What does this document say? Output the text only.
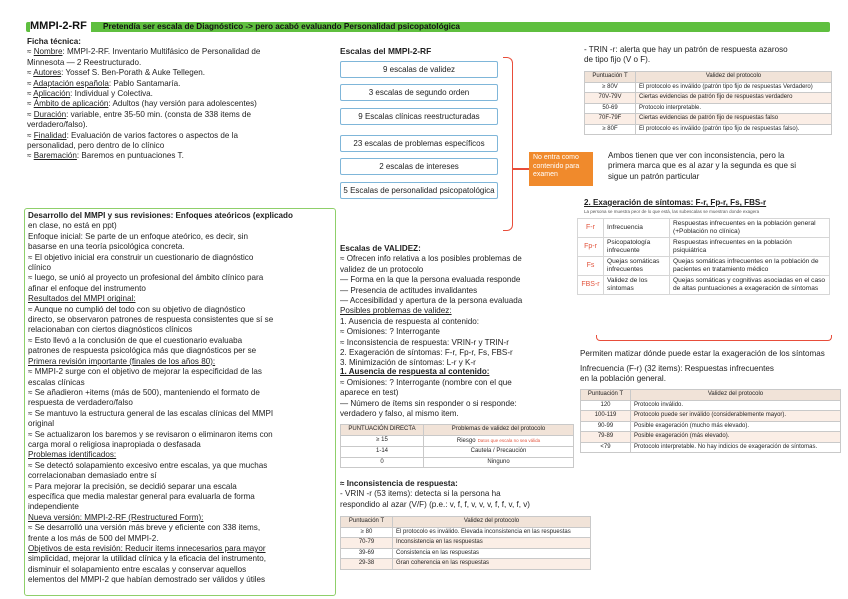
MMPI-2-RF	Pretendía ser escala de Diagnóstico -> pero acabó evaluando Personalidad psicopatológica
Ficha técnica:
≈ Nombre: MMPI-2-RF. Inventario Multifásico de Personalidad de
Minnesota — 2 Reestructurado.
≈ Autores: Yossef S. Ben-Porath & Auke Tellegen.
≈ Adaptación española: Pablo Santamaría.
≈ Aplicación: Individual y Colectiva.
≈ Ámbito de aplicación: Adultos (hay versión para adolescentes)
≈ Duración: variable, entre 35-50 min. (consta de 338 items de
verdadero/falso).
≈ Finalidad: Evaluación de varios factores o aspectos de la
personalidad, pero dentro de lo clínico
≈ Baremación: Baremos en puntuaciones T.
Desarrollo del MMPI y sus revisiones: Enfoques ateóricos (explicado
en clase, no está en ppt)
Enfoque inicial: Se parte de un enfoque ateórico, es decir, sin
basarse en una teoría psicológica concreta.
≈ El objetivo inicial era construir un cuestionario de diagnóstico
clínico
≈ luego, se unió al proyecto un profesional del ámbito clínico para
afinar el enfoque del instrumento
Resultados del MMPI original:
≈ Aunque no cumplió del todo con su objetivo de diagnóstico
directo, se observaron patrones de respuesta consistentes que sí se
relacionaban con ciertos diagnósticos clínicos
≈ Esto llevó a la conclusión de que el cuestionario evaluaba
patrones de respuesta psicológica más que diagnósticos per se
Primera revisión importante (finales de los años 80):
≈ MMPI-2 surge con el objetivo de mejorar la especificidad de las
escalas clínicas
≈ Se añadieron +items (más de 500), manteniendo el formato de
respuesta de verdadero/falso
≈ Se mantuvo la estructura general de las escalas clínicas del MMPI
original
≈ Se actualizaron los baremos y se revisaron o eliminaron items con
carga moral o religiosa inapropiada o desfasada
Problemas identificados:
≈ Se detectó solapamiento excesivo entre escalas, ya que muchas
correlacionaban demasiado entre sí
≈ Para mejorar la precisión, se decidió separar una escala
específica que media malestar general para evaluarla de forma
independiente
Nueva versión: MMPI-2-RF (Restructured Form):
≈ Se desarrolló una versión más breve y eficiente con 338 items,
frente a los más de 500 del MMPI-2.
Objetivos de esta revisión: Reducir items innecesarios para mayor
simplicidad, mejorar la utilidad clínica y la eficacia del instrumento,
disminuir el solapamiento entre escalas y conservar aquellos
elementos del MMPI-2 que habían demostrado ser válidos y útiles
Escalas del MMPI-2-RF
9 escalas de validez
3 escalas de segundo orden
9 Escalas clínicas reestructuradas
23 escalas de problemas específicos
2 escalas de intereses
5 Escalas de personalidad psicopatológica
No entra como contenido para examen
Escalas de VALIDEZ:
≈ Ofrecen info relativa a los posibles problemas de
validez de un protocolo
— Forma en la que la persona evaluada responde
— Presencia de actitudes invalidantes
— Accesibilidad y apertura de la persona evaluada
Posibles problemas de validez:
1. Ausencia de respuesta al contenido:
≈ Omisiones: ? Interrogante
≈ Inconsistencia de respuesta: VRIN-r y TRIN-r
2. Exageración de síntomas: F-r, Fp-r, Fs, FBS-r
3. Minimización de síntomas: L-r y K-r
1. Ausencia de respuesta al contenido:
≈ Omisiones: ? Interrogante (nombre con el que
aparece en test)
— Número de ítems sin responder o si responde:
verdadero y falso, al mismo item.
PUNTUACIÓN DIRECTA	Problemas de validez del protocolo
≥ 15	Riesgo Datos que escala no sea válida
1-14	Cautela / Precaución
0	Ninguno
≈ Inconsistencia de respuesta:
- VRIN -r (53 items): detecta si la persona ha
respondido al azar (V/F) (p.e.: v, f, f, v, v, v, f, f, v, f, v)
Puntuación T	Validez del protocolo
≥ 80	El protocolo es inválido. Elevada inconsistencia en las respuestas
70-79	Inconsistencia en las respuestas
39-69	Consistencia en las respuestas
29-38	Gran coherencia en las respuestas
- TRIN -r: alerta que hay un patrón de respuesta azaroso
de tipo fijo (V o F).
Puntuación T	Validez del protocolo
≥ 80V	El protocolo es inválido (patrón tipo fijo de respuestas Verdadero)
70V-79V	Ciertas evidencias de patrón fijo de respuestas verdadero
50-69	Protocolo interpretable.
70F-79F	Ciertas evidencias de patrón fijo de respuestas falso
≥ 80F	El protocolo es inválido (patrón tipo fijo de respuestas falso).
Ambos tienen que ver con inconsistencia, pero la
primera marca que es al azar y la segunda es que si
sigue un patrón particular
2. Exageración de síntomas: F-r, Fp-r, Fs, FBS-r
La persona se muestra peor de lo que está, las subescalas se muestran donde exagera
F-r	Infrecuencia	Respuestas infrecuentes en la población general (+Población no clínica)
Fp-r	Psicopatología infrecuente	Respuestas infrecuentes en la población psiquiátrica
Fs	Quejas somáticas infrecuentes	Quejas somáticas infrecuentes en la población de pacientes en tratamiento médico
FBS-r	Validez de los síntomas	Quejas somáticas y cognitivas asociadas en el caso de altas puntuaciones a exageración de síntomas
Permiten matizar dónde puede estar la exageración de los síntomas
Infrecuencia (F-r) (32 items): Respuestas infrecuentes
en la población general.
Puntuación T	Validez del protocolo
120	Protocolo inválido.
100-119	Protocolo puede ser inválido (considerablemente mayor).
90-99	Posible exageración (mucho más elevado).
79-89	Posible exageración (más elevado).
<79	Protocolo interpretable. No hay indicios de exageración de síntomas.
